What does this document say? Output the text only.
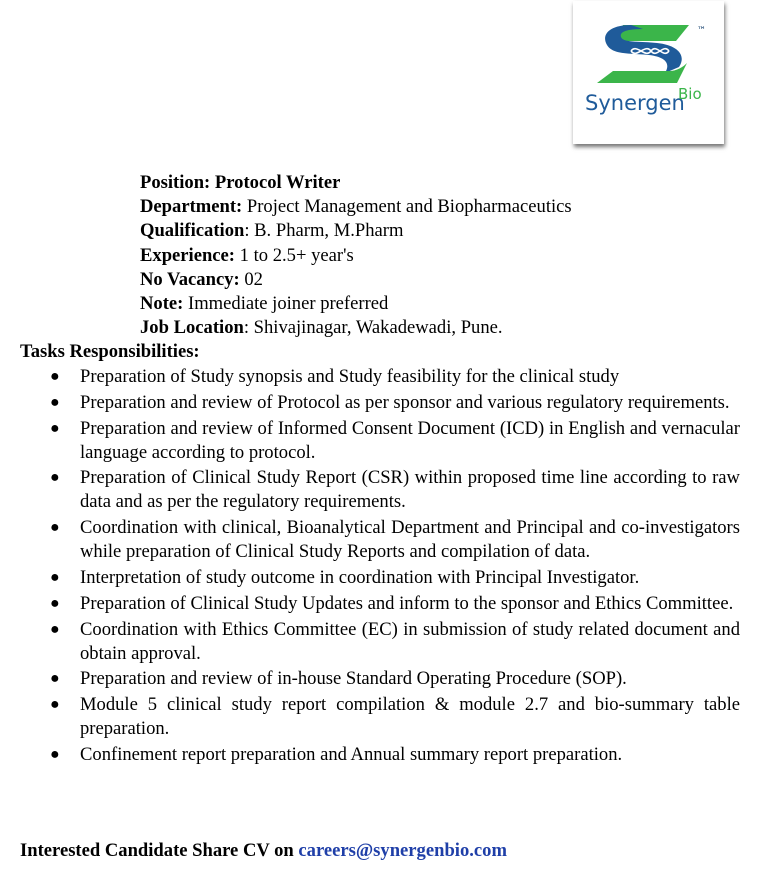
™
Synergen
Bio
Position: Protocol Writer
Department: Project Management and Biopharmaceutics
Qualification: B. Pharm, M.Pharm
Experience: 1 to 2.5+ year's
No Vacancy: 02
Note: Immediate joiner preferred
Job Location: Shivajinagar, Wakadewadi, Pune.
Tasks Responsibilities:
● Preparation of Study synopsis and Study feasibility for the clinical study
● Preparation and review of Protocol as per sponsor and various regulatory requirements.
● Preparation and review of Informed Consent Document (ICD) in English and vernacular language according to protocol.
● Preparation of Clinical Study Report (CSR) within proposed time line according to raw data and as per the regulatory requirements.
● Coordination with clinical, Bioanalytical Department and Principal and co-investigators while preparation of Clinical Study Reports and compilation of data.
● Interpretation of study outcome in coordination with Principal Investigator.
● Preparation of Clinical Study Updates and inform to the sponsor and Ethics Committee.
● Coordination with Ethics Committee (EC) in submission of study related document and obtain approval.
● Preparation and review of in-house Standard Operating Procedure (SOP).
● Module 5 clinical study report compilation & module 2.7 and bio-summary table preparation.
● Confinement report preparation and Annual summary report preparation.
Interested Candidate Share CV on careers@synergenbio.com
